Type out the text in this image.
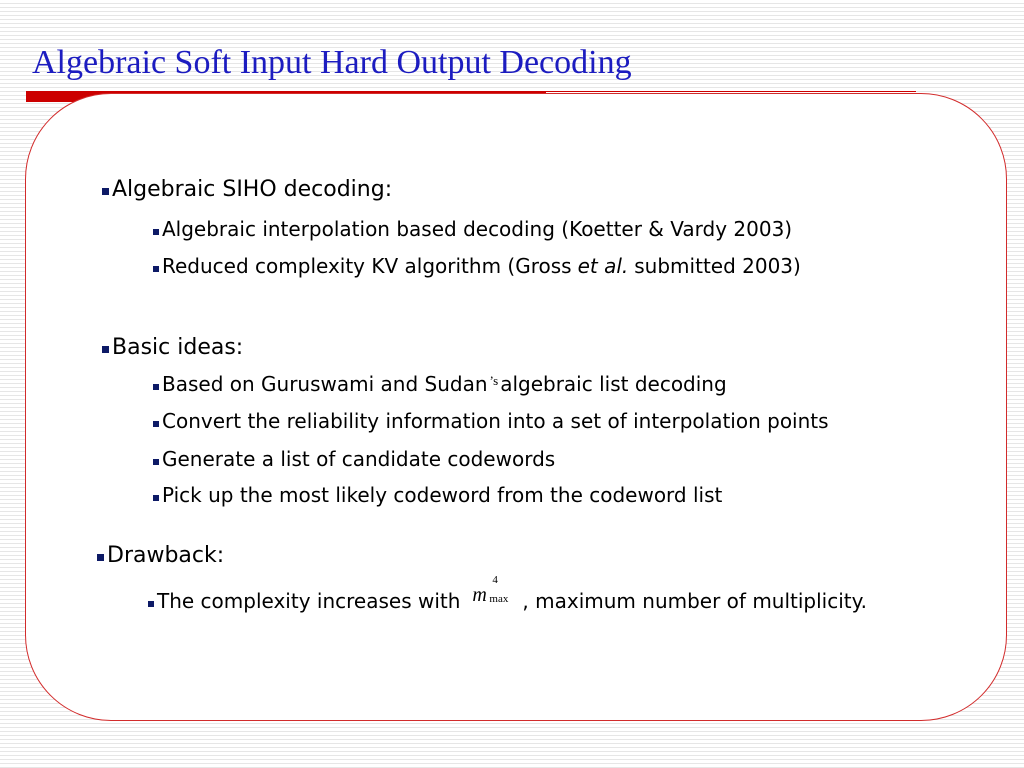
Algebraic Soft Input Hard Output Decoding
Algebraic SIHO decoding:
Algebraic interpolation based decoding (Koetter & Vardy 2003)
Reduced complexity KV algorithm (Gross et al. submitted 2003)
Basic ideas:
Based on Guruswami and Sudan ’s algebraic list decoding
Convert the reliability information into a set of interpolation points
Generate a list of candidate codewords
Pick up the most likely codeword from the codeword list
Drawback:
The complexity increases with m
4
max , maximum number of multiplicity.
